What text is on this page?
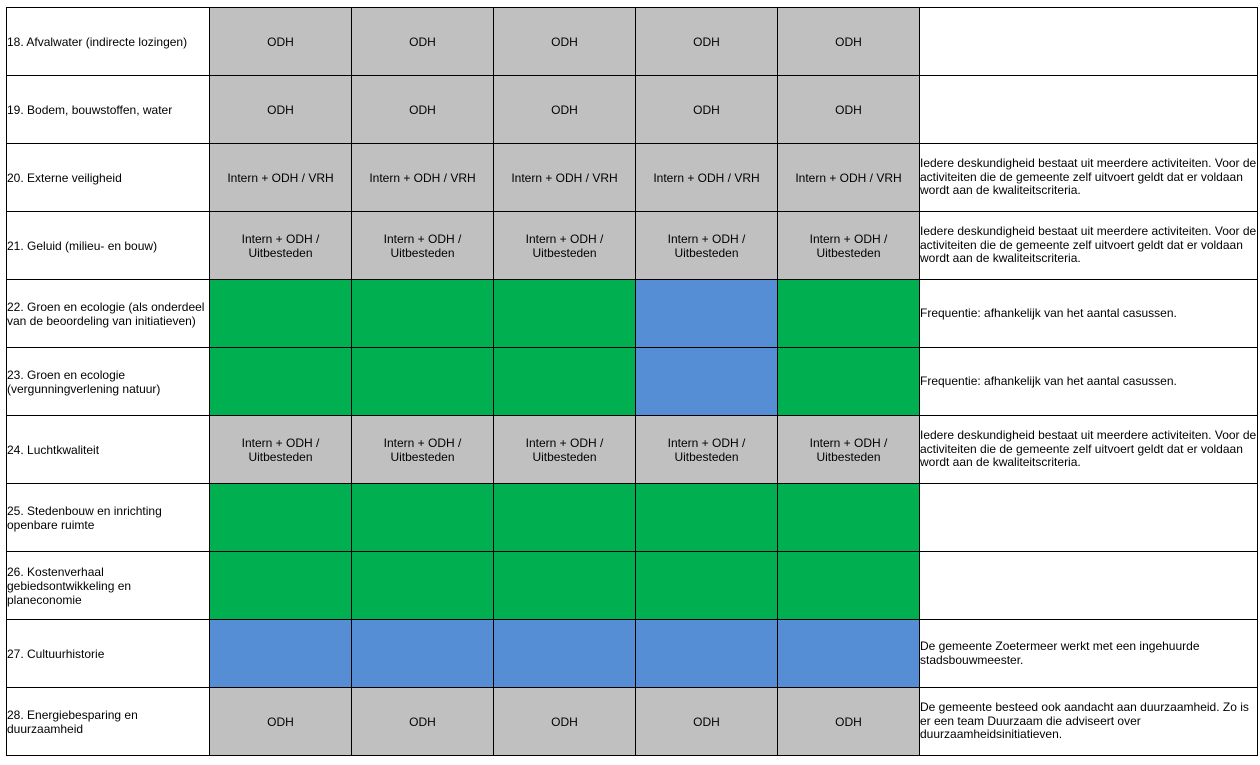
18. Afvalwater (indirecte lozingen)	ODH	ODH	ODH	ODH	ODH	
19. Bodem, bouwstoffen, water	ODH	ODH	ODH	ODH	ODH	
20. Externe veiligheid	Intern + ODH / VRH	Intern + ODH / VRH	Intern + ODH / VRH	Intern + ODH / VRH	Intern + ODH / VRH	Iedere deskundigheid bestaat uit meerdere activiteiten. Voor de activiteiten die de gemeente zelf uitvoert geldt dat er voldaan wordt aan de kwaliteitscriteria.
21. Geluid (milieu- en bouw)	Intern + ODH / Uitbesteden	Intern + ODH / Uitbesteden	Intern + ODH / Uitbesteden	Intern + ODH / Uitbesteden	Intern + ODH / Uitbesteden	Iedere deskundigheid bestaat uit meerdere activiteiten. Voor de activiteiten die de gemeente zelf uitvoert geldt dat er voldaan wordt aan de kwaliteitscriteria.
22. Groen en ecologie (als onderdeel van de beoordeling van initiatieven)						Frequentie: afhankelijk van het aantal casussen.
23. Groen en ecologie (vergunningverlening natuur)						Frequentie: afhankelijk van het aantal casussen.
24. Luchtkwaliteit	Intern + ODH / Uitbesteden	Intern + ODH / Uitbesteden	Intern + ODH / Uitbesteden	Intern + ODH / Uitbesteden	Intern + ODH / Uitbesteden	Iedere deskundigheid bestaat uit meerdere activiteiten. Voor de activiteiten die de gemeente zelf uitvoert geldt dat er voldaan wordt aan de kwaliteitscriteria.
25. Stedenbouw en inrichting openbare ruimte						
26. Kostenverhaal gebiedsontwikkeling en planeconomie						
27. Cultuurhistorie						De gemeente Zoetermeer werkt met een ingehuurde stadsbouwmeester.
28. Energiebesparing en duurzaamheid	ODH	ODH	ODH	ODH	ODH	De gemeente besteed ook aandacht aan duurzaamheid. Zo is er een team Duurzaam die adviseert over duurzaamheidsinitiatieven.
